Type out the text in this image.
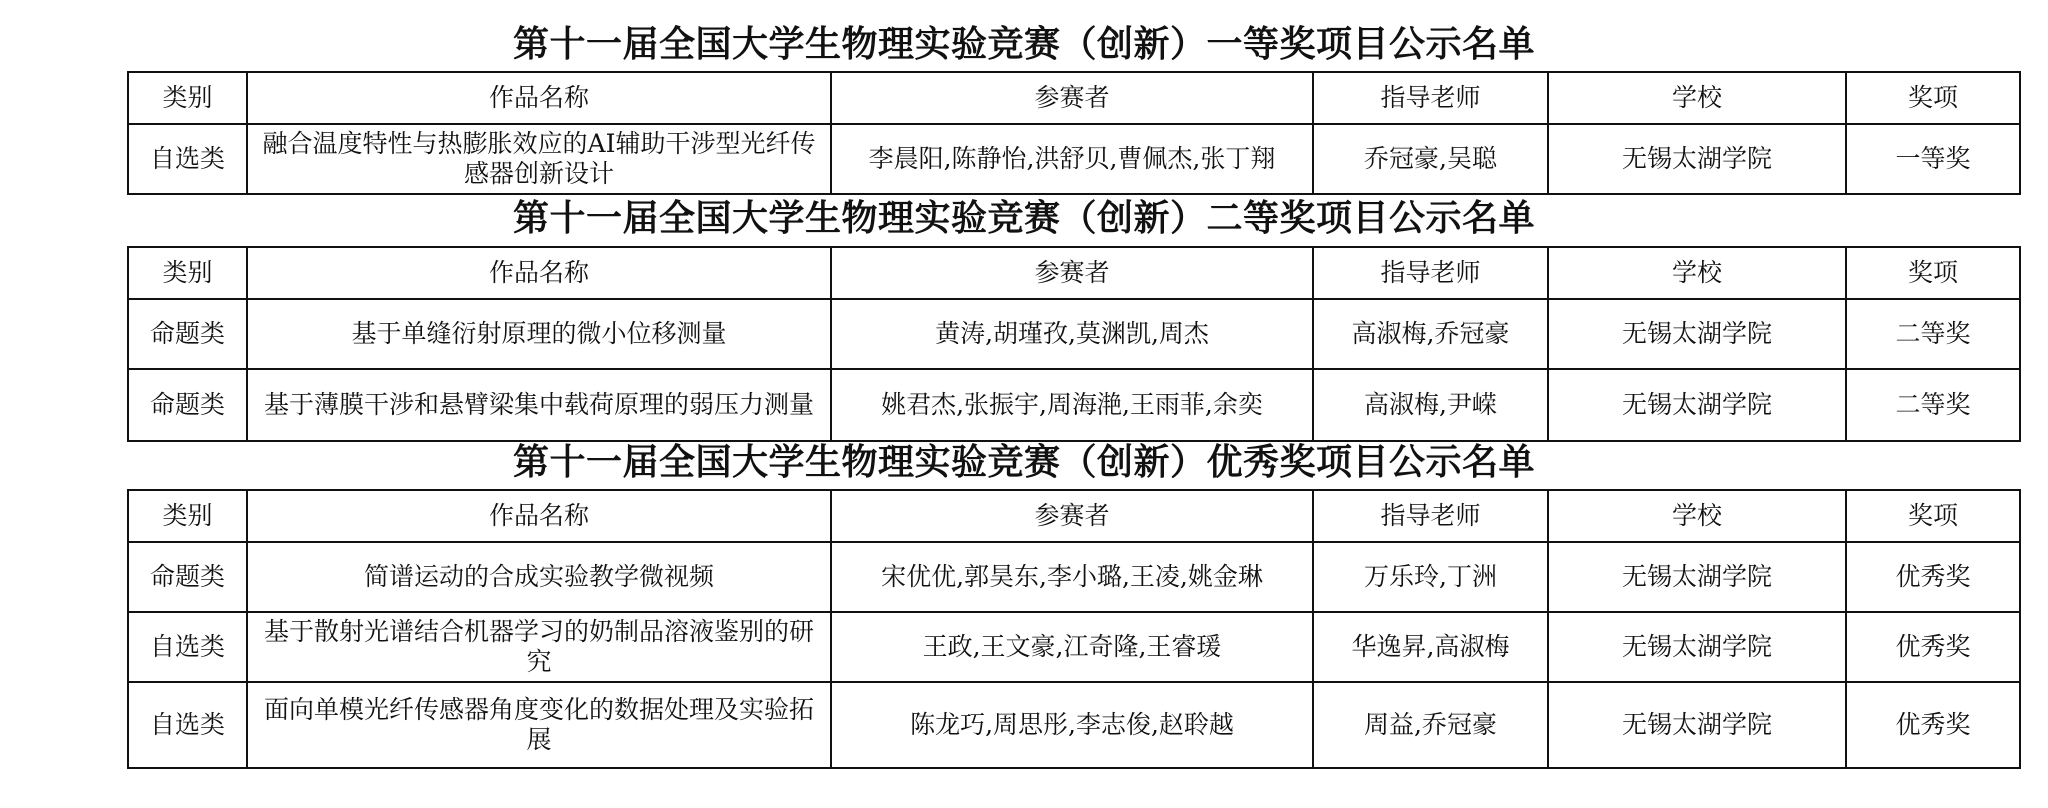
第十一届全国大学生物理实验竞赛（创新）一等奖项目公示名单
类别	作品名称	参赛者	指导老师	学校	奖项
自选类	融合温度特性与热膨胀效应的AI辅助干涉型光纤传感器创新设计	李晨阳,陈静怡,洪舒贝,曹佩杰,张丁翔	乔冠豪,吴聪	无锡太湖学院	一等奖
第十一届全国大学生物理实验竞赛（创新）二等奖项目公示名单
类别	作品名称	参赛者	指导老师	学校	奖项
命题类	基于单缝衍射原理的微小位移测量	黄涛,胡瑾孜,莫渊凯,周杰	高淑梅,乔冠豪	无锡太湖学院	二等奖
命题类	基于薄膜干涉和悬臂梁集中载荷原理的弱压力测量	姚君杰,张振宇,周海滟,王雨菲,余奕	高淑梅,尹嵘	无锡太湖学院	二等奖
第十一届全国大学生物理实验竞赛（创新）优秀奖项目公示名单
类别	作品名称	参赛者	指导老师	学校	奖项
命题类	简谱运动的合成实验教学微视频	宋优优,郭昊东,李小璐,王凌,姚金琳	万乐玲,丁洲	无锡太湖学院	优秀奖
自选类	基于散射光谱结合机器学习的奶制品溶液鉴别的研究	王政,王文豪,江奇隆,王睿瑗	华逸昇,高淑梅	无锡太湖学院	优秀奖
自选类	面向单模光纤传感器角度变化的数据处理及实验拓展	陈龙巧,周思彤,李志俊,赵聆越	周益,乔冠豪	无锡太湖学院	优秀奖
